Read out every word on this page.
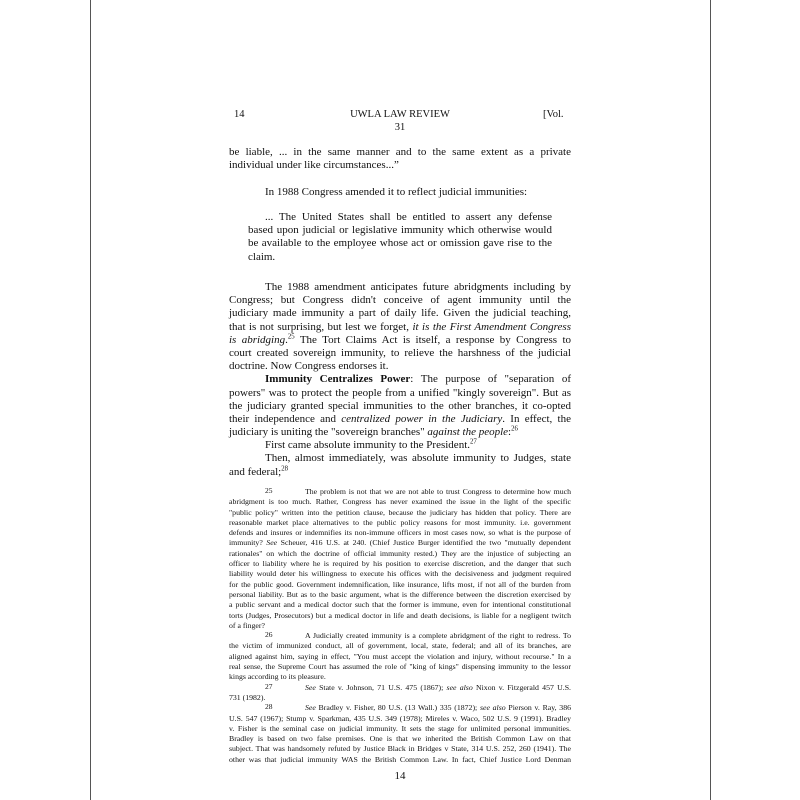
14	UWLA LAW REVIEW	[Vol.
31
be liable, ... in the same manner and to the same extent as a private
individual under like circumstances...”
In 1988 Congress amended it to reflect judicial immunities:
... The United States shall be entitled to assert any defense
based upon judicial or legislative immunity which otherwise would
be available to the employee whose act or omission gave rise to the
claim.
The 1988 amendment anticipates future abridgments including by
Congress; but Congress didn't conceive of agent immunity until the
judiciary made immunity a part of daily life. Given the judicial teaching,
that is not surprising, but lest we forget, it is the First Amendment Congress
is abridging.$^{25}$ The Tort Claims Act is itself, a response by Congress to
court created sovereign immunity, to relieve the harshness of the judicial
doctrine. Now Congress endorses it.
Immunity Centralizes Power: The purpose of "separation of
powers" was to protect the people from a unified "kingly sovereign". But as
the judiciary granted special immunities to the other branches, it co-opted
their independence and centralized power in the Judiciary. In effect, the
judiciary is uniting the "sovereign branches" against the people:$^{26}$
First came absolute immunity to the President.$^{27}$
Then, almost immediately, was absolute immunity to Judges, state
and federal;$^{28}$
25	The problem is not that we are not able to trust Congress to determine how much
abridgment is too much. Rather, Congress has never examined the issue in the light of the specific
"public policy" written into the petition clause, because the judiciary has hidden that policy. There are
reasonable market place alternatives to the public policy reasons for most immunity. i.e. government
defends and insures or indemnifies its non-immune officers in most cases now, so what is the purpose of
immunity? See Scheuer, 416 U.S. at 240. (Chief Justice Burger identified the two "mutually dependent
rationales" on which the doctrine of official immunity rested.) They are the injustice of subjecting an
officer to liability where he is required by his position to exercise discretion, and the danger that such
liability would deter his willingness to execute his offices with the decisiveness and judgment required
for the public good. Government indemnification, like insurance, lifts most, if not all of the burden from
personal liability. But as to the basic argument, what is the difference between the discretion exercised by
a public servant and a medical doctor such that the former is immune, even for intentional constitutional
torts (Judges, Prosecutors) but a medical doctor in life and death decisions, is liable for a negligent twitch
of a finger?
26	A Judicially created immunity is a complete abridgment of the right to redress. To
the victim of immunized conduct, all of government, local, state, federal; and all of its branches, are
aligned against him, saying in effect, "You must accept the violation and injury, without recourse." In a
real sense, the Supreme Court has assumed the role of "king of kings" dispensing immunity to the lessor
kings according to its pleasure.
27	See State v. Johnson, 71 U.S. 475 (1867); see also Nixon v. Fitzgerald 457 U.S.
731 (1982).
28	See Bradley v. Fisher, 80 U.S. (13 Wall.) 335 (1872); see also Pierson v. Ray, 386
U.S. 547 (1967); Stump v. Sparkman, 435 U.S. 349 (1978); Mireles v. Waco, 502 U.S. 9 (1991). Bradley
v. Fisher is the seminal case on judicial immunity. It sets the stage for unlimited personal immunities.
Bradley is based on two false premises. One is that we inherited the British Common Law on that
subject. That was handsomely refuted by Justice Black in Bridges v State, 314 U.S. 252, 260 (1941). The
other was that judicial immunity WAS the British Common Law. In fact, Chief Justice Lord Denman
14
